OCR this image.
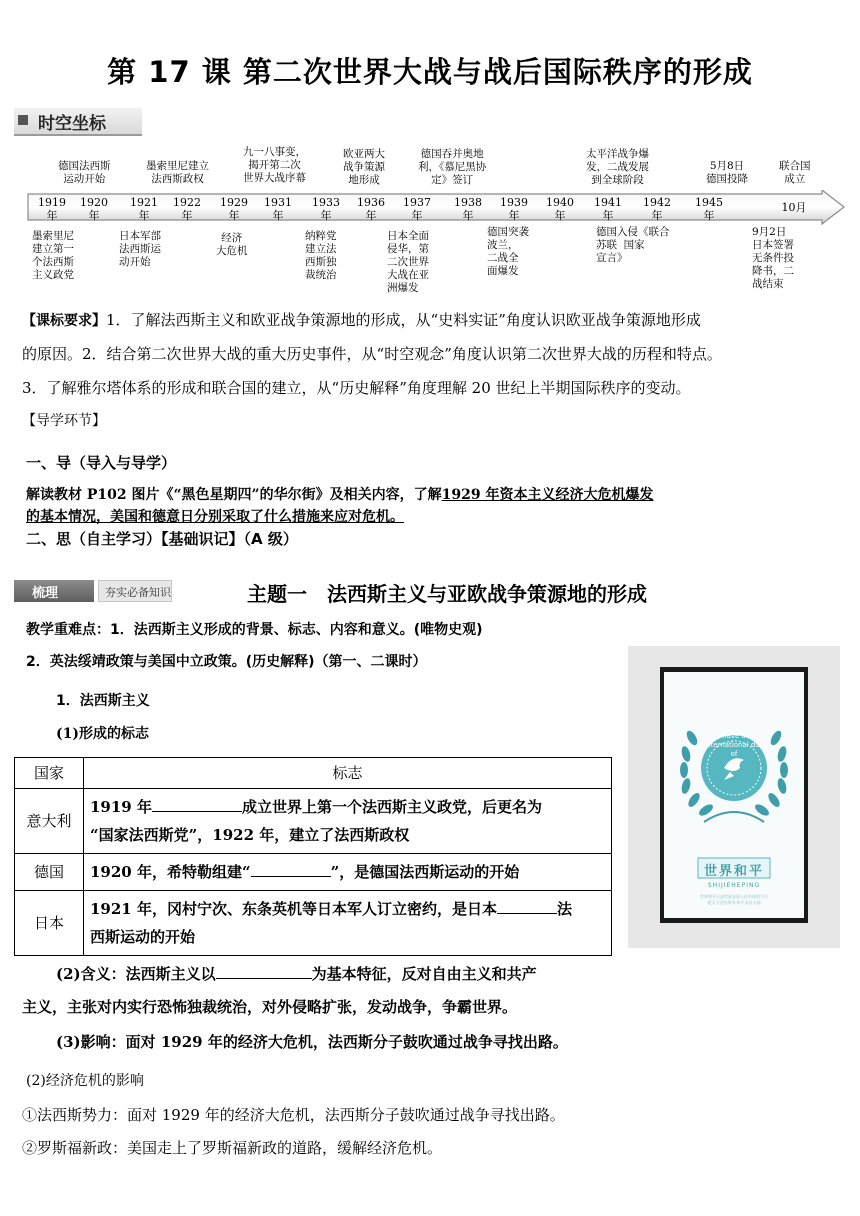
第 17 课 第二次世界大战与战后国际秩序的形成
时空坐标
德国法西斯
运动开始
墨索里尼建立
法西斯政权
九一八事变，
揭开第二次
世界大战序幕
欧亚两大
战争策源
地形成
德国吞并奥地
利，《慕尼黑协
定》签订
太平洋战争爆
发，二战发展
到全球阶段
5月8日
德国投降
联合国
成立
1919
年
1920
年
1921
年
1922
年
1929
年
1931
年
1933
年
1936
年
1937
年
1938
年
1939
年
1940
年
1941
年
1942
年
1945
年
10月
墨索里尼
建立第一
个法西斯
主义政党
日本军部
法西斯运
动开始
经济
大危机
纳粹党
建立法
西斯独
裁统治
日本全面
侵华，第
二次世界
大战在亚
洲爆发
德国突袭
波兰，
二战全
面爆发
德国入侵《联合
苏联  国家
宣言》
9月2日
日本签署
无条件投
降书，二
战结束
【课标要求】1．了解法西斯主义和欧亚战争策源地的形成，从“史料实证”角度认识欧亚战争策源地形成
的原因。2．结合第二次世界大战的重大历史事件，从“时空观念”角度认识第二次世界大战的历程和特点。
3．了解雅尔塔体系的形成和联合国的建立，从“历史解释”角度理解 20 世纪上半期国际秩序的变动。
【导学环节】
一、导（导入与导学）
解读教材 P102 图片《“黑色星期四”的华尔街》及相关内容，了解1929 年资本主义经济大危机爆发
的基本情况，美国和德意日分别采取了什么措施来应对危机。
二、思（自主学习）【基础识记】（A 级）
梳理	夯实必备知识	主题一　法西斯主义与亚欧战争策源地的形成
教学重难点：1．法西斯主义形成的背景、标志、内容和意义。(唯物史观)
2．英法绥靖政策与美国中立政策。(历史解释)（第一、二课时）
1．法西斯主义
(1)形成的标志
国家	标志
意大利	1919 年 成立世界上第一个法西斯主义政党，后更名为
“国家法西斯党”，1922 年，建立了法西斯政权
德国	1920 年，希特勒组建“ ”，是德国法西斯运动的开始
日本	1921 年，冈村宁次、东条英机等日本军人订立密约，是日本 法
西斯运动的开始
(2)含义：法西斯主义以	为基本特征，反对自由主义和共产
主义，主张对内实行恐怖独裁统治，对外侵略扩张，发动战争，争霸世界。
(3)影响：面对 1929 年的经济大危机，法西斯分子鼓吹通过战争寻找出路。
(2)经济危机的影响
①法西斯势力：面对 1929 年的经济大危机，法西斯分子鼓吹通过战争寻找出路。
②罗斯福新政：美国走上了罗斯福新政的道路，缓解经济危机。
have a international day of
世界和平
SHIJIEHEPING
世界和平日是世界各国人民共同的节日
愿天下没有战争 和平永驻人间
